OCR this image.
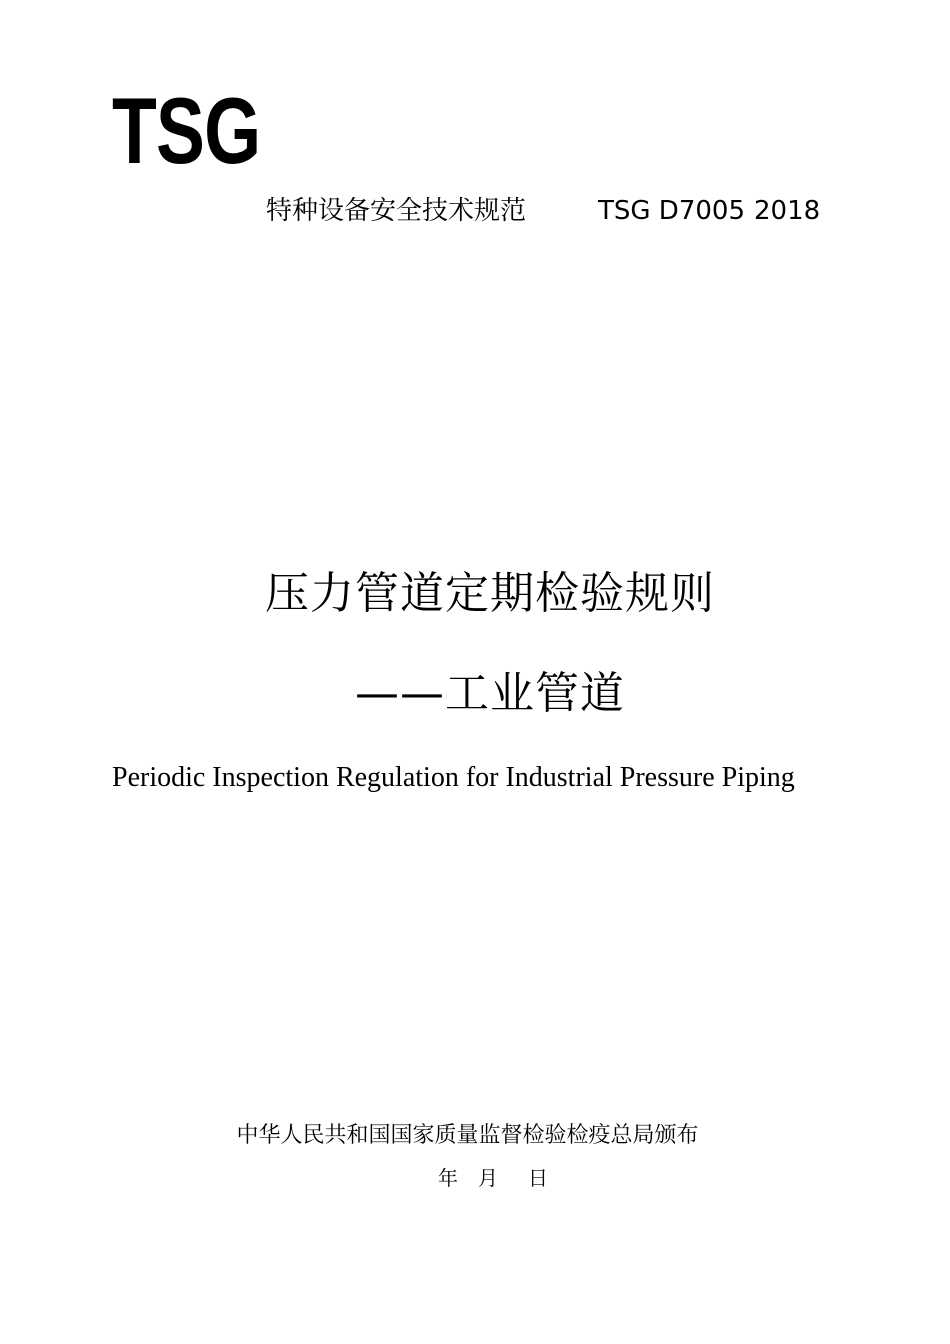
TSG
特种设备安全技术规范	TSG D7005 2018
压力管道定期检验规则
——工业管道
Periodic Inspection Regulation for Industrial Pressure Piping
中华人民共和国国家质量监督检验检疫总局颁布
年 月 日
